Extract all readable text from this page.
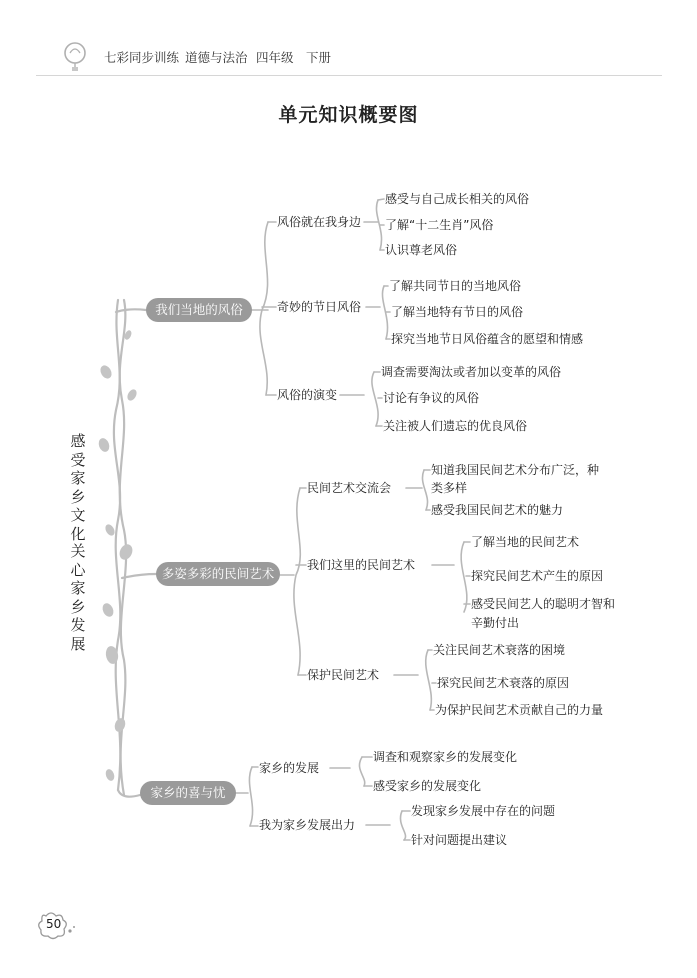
七彩同步训练 道德与法治 四年级 下册
单元知识概要图
感受家乡文化
关心家乡发展
我们当地的风俗
多姿多彩的民间艺术
家乡的喜与忧
风俗就在我身边
奇妙的节日风俗
风俗的演变
感受与自己成长相关的风俗
了解“十二生肖”风俗
认识尊老风俗
了解共同节日的当地风俗
了解当地特有节日的风俗
探究当地节日风俗蕴含的愿望和情感
调查需要淘汰或者加以变革的风俗
讨论有争议的风俗
关注被人们遗忘的优良风俗
民间艺术交流会
我们这里的民间艺术
保护民间艺术
知道我国民间艺术分布广泛，种
类多样
感受我国民间艺术的魅力
了解当地的民间艺术
探究民间艺术产生的原因
感受民间艺人的聪明才智和
辛勤付出
关注民间艺术衰落的困境
探究民间艺术衰落的原因
为保护民间艺术贡献自己的力量
家乡的发展
我为家乡发展出力
调查和观察家乡的发展变化
感受家乡的发展变化
发现家乡发展中存在的问题
针对问题提出建议
50
